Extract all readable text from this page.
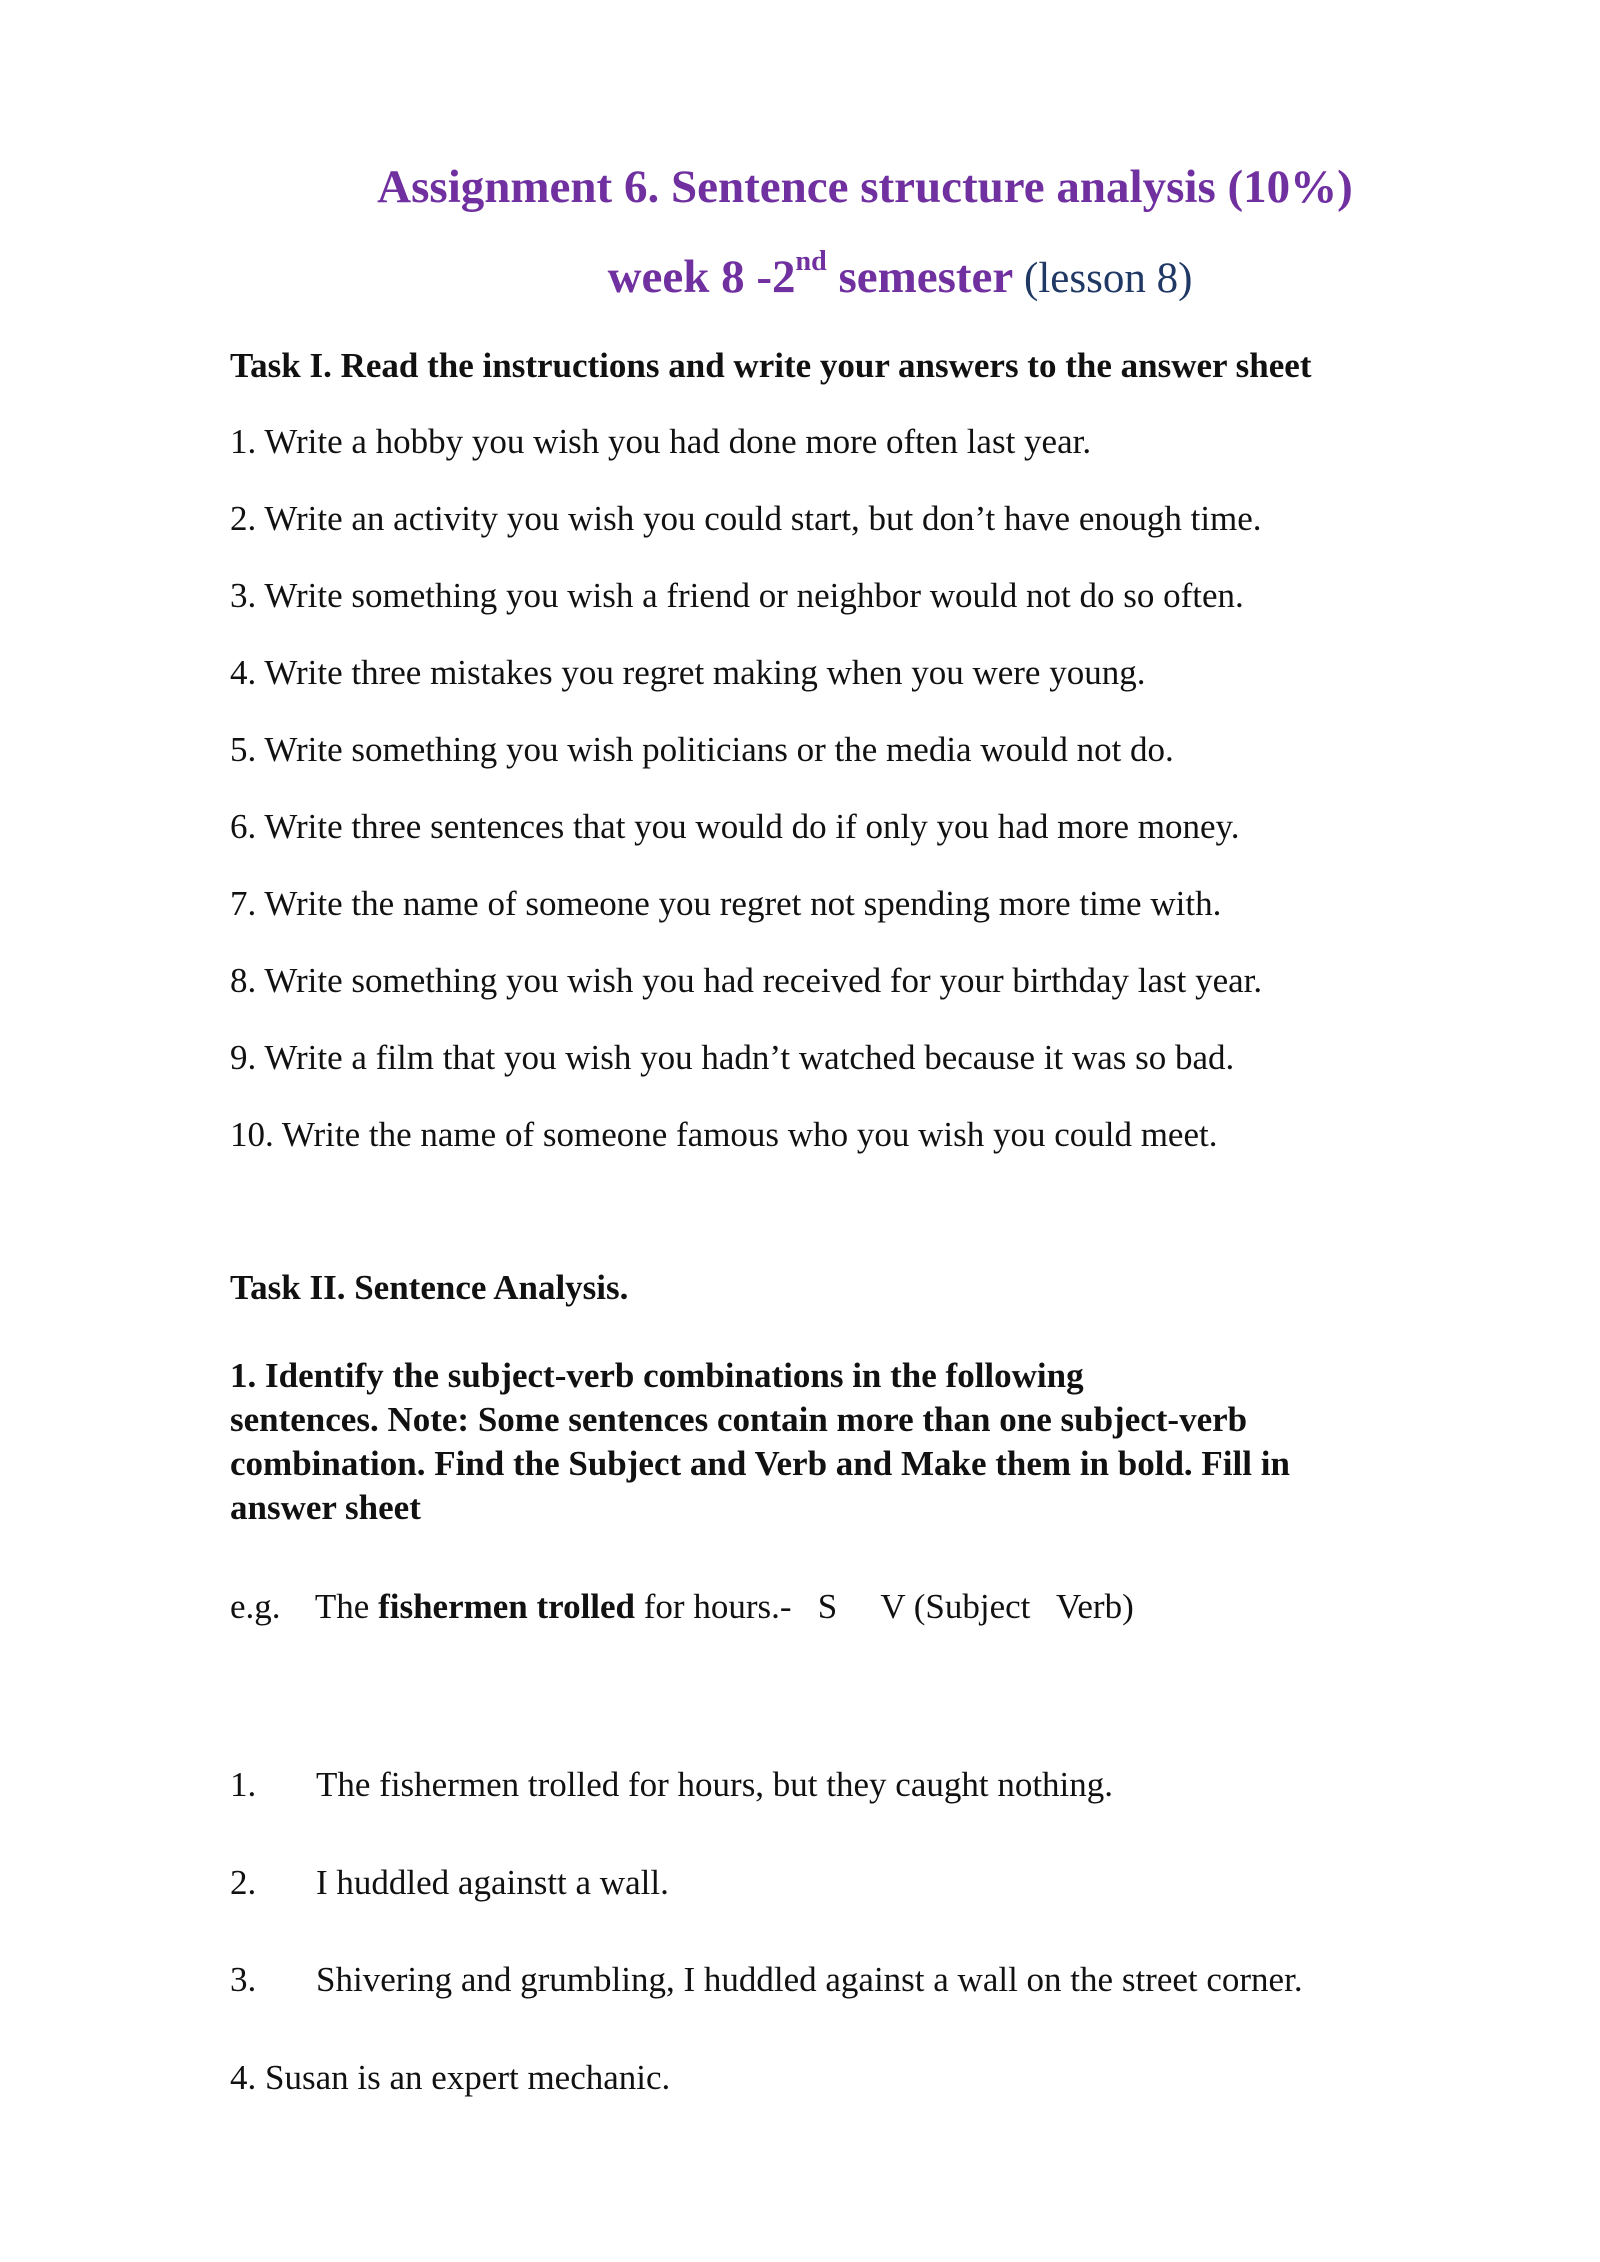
Assignment 6. Sentence structure analysis (10%)
week 8 -2nd semester (lesson 8)
Task I. Read the instructions and write your answers to the answer sheet
1. Write a hobby you wish you had done more often last year.
2. Write an activity you wish you could start, but don’t have enough time.
3. Write something you wish a friend or neighbor would not do so often.
4. Write three mistakes you regret making when you were young.
5. Write something you wish politicians or the media would not do.
6. Write three sentences that you would do if only you had more money.
7. Write the name of someone you regret not spending more time with.
8. Write something you wish you had received for your birthday last year.
9. Write a film that you wish you hadn’t watched because it was so bad.
10. Write the name of someone famous who you wish you could meet.
Task II. Sentence Analysis.
1. Identify the subject-verb combinations in the following
sentences. Note: Some sentences contain more than one subject-verb
combination. Find the Subject and Verb and Make them in bold. Fill in
answer sheet
e.g.    The fishermen trolled for hours.-   S     V (Subject   Verb)
1. The fishermen trolled for hours, but they caught nothing.
2. I huddled againstt a wall.
3. Shivering and grumbling, I huddled against a wall on the street corner.
4. Susan is an expert mechanic.
